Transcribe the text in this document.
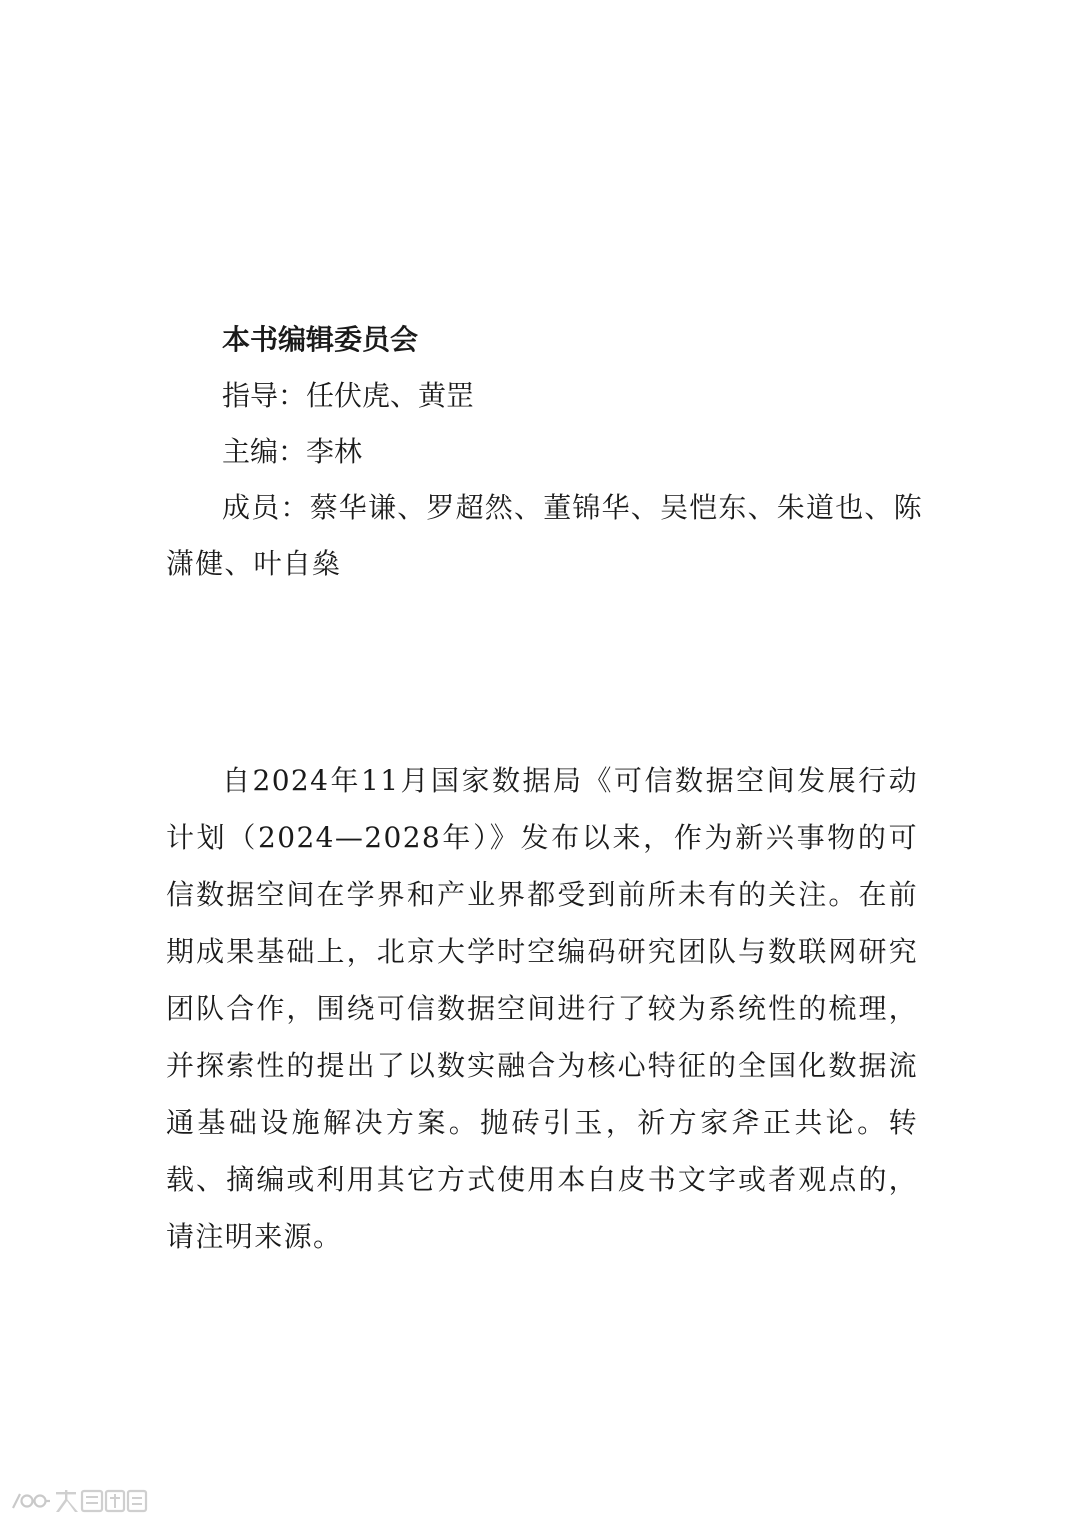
本书编辑委员会
指导：任伏虎、黄罡
主编：李林
成员：蔡华谦、罗超然、董锦华、吴恺东、朱道也、陈潇健、叶自燊
自2024年11月国家数据局《可信数据空间发展行动计划（2024—2028年）》发布以来，作为新兴事物的可信数据空间在学界和产业界都受到前所未有的关注。在前期成果基础上，北京大学时空编码研究团队与数联网研究团队合作，围绕可信数据空间进行了较为系统性的梳理，并探索性的提出了以数实融合为核心特征的全国化数据流通基础设施解决方案。抛砖引玉，祈方家斧正共论。转载、摘编或利用其它方式使用本白皮书文字或者观点的，请注明来源。
